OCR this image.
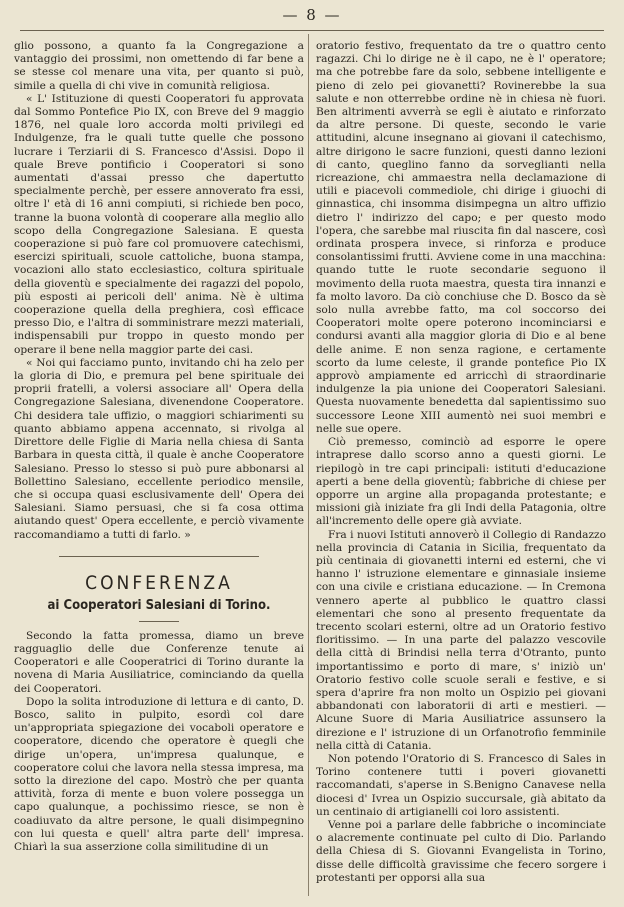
— 8 —

glio possono, a quanto fa la Congregazione a vantaggio dei prossimi, non omettendo di far bene a se stesse col menare una vita, per quanto si può, simile a quella di chi vive in comunità religiosa.

« L' Istituzione di questi Cooperatori fu approvata dal Sommo Pontefice Pio IX, con Breve del 9 maggio 1876, nel quale loro accorda molti privilegi ed Indulgenze, fra le quali tutte quelle che possono lucrare i Terziarii di S. Francesco d'Assisi. Dopo il quale Breve pontificio i Cooperatori si sono aumentati d'assai presso che dapertutto specialmente perchè, per essere annoverato fra essi, oltre l' età di 16 anni compiuti, si richiede ben poco, tranne la buona volontà di cooperare alla meglio allo scopo della Congregazione Salesiana. E questa cooperazione si può fare col promuovere catechismi, esercizi spirituali, scuole cattoliche, buona stampa, vocazioni allo stato ecclesiastico, coltura spirituale della gioventù e specialmente dei ragazzi del popolo, più esposti ai pericoli dell' anima. Nè è ultima cooperazione quella della preghiera, così efficace presso Dio, e l'altra di somministrare mezzi materiali, indispensabili pur troppo in questo mondo per operare il bene nella maggior parte dei casi.

« Noi qui facciamo punto, invitando chi ha zelo per la gloria di Dio, e premura pel bene spirituale dei proprii fratelli, a volersi associare all' Opera della Congregazione Salesiana, divenendone Cooperatore. Chi desidera tale uffizio, o maggiori schiarimenti su quanto abbiamo appena accennato, si rivolga al Direttore delle Figlie di Maria nella chiesa di Santa Barbara in questa città, il quale è anche Cooperatore Salesiano. Presso lo stesso si può pure abbonarsi al Bollettino Salesiano, eccellente periodico mensile, che si occupa quasi esclusivamente dell' Opera dei Salesiani. Siamo persuasi, che si fa cosa ottima aiutando quest' Opera eccellente, e perciò vivamente raccomandiamo a tutti di farlo. »

CONFERENZA
ai Cooperatori Salesiani di Torino.

Secondo la fatta promessa, diamo un breve ragguaglio delle due Conferenze tenute ai Cooperatori e alle Cooperatrici di Torino durante la novena di Maria Ausiliatrice, cominciando da quella dei Cooperatori.

Dopo la solita introduzione di lettura e di canto, D. Bosco, salito in pulpito, esordì col dare un'appropriata spiegazione dei vocaboli operatore e cooperatore, dicendo che operatore è quegli che dirige un'opera, un'impresa qualunque, e cooperatore colui che lavora nella stessa impresa, ma sotto la direzione del capo. Mostrò che per quanta attività, forza di mente e buon volere possegga un capo qualunque, a pochissimo riesce, se non è coadiuvato da altre persone, le quali disimpegnino con lui questa e quell' altra parte dell' impresa. Chiarì la sua asserzione colla similitudine di un

oratorio festivo, frequentato da tre o quattro cento ragazzi. Chi lo dirige ne è il capo, ne è l' operatore; ma che potrebbe fare da solo, sebbene intelligente e pieno di zelo pei giovanetti? Rovinerebbe la sua salute e non otterrebbe ordine nè in chiesa nè fuori. Ben altrimenti avverrà se egli è aiutato e rinforzato da altre persone. Di queste, secondo le varie attitudini, alcune insegnano ai giovani il catechismo, altre dirigono le sacre funzioni, questi danno lezioni di canto, queglino fanno da sorveglianti nella ricreazione, chi ammaestra nella declamazione di utili e piacevoli commediole, chi dirige i giuochi di ginnastica, chi insomma disimpegna un altro uffizio dietro l' indirizzo del capo; e per questo modo l'opera, che sarebbe mal riuscita fin dal nascere, così ordinata prospera invece, si rinforza e produce consolantissimi frutti. Avviene come in una macchina: quando tutte le ruote secondarie seguono il movimento della ruota maestra, questa tira innanzi e fa molto lavoro. Da ciò conchiuse che D. Bosco da sè solo nulla avrebbe fatto, ma col soccorso dei Cooperatori molte opere poterono incominciarsi e condursi avanti alla maggior gloria di Dio e al bene delle anime. E non senza ragione, e certamente scorto da lume celeste, il grande pontefice Pio IX approvò ampiamente ed arricchì di straordinarie indulgenze la pia unione dei Cooperatori Salesiani. Questa nuovamente benedetta dal sapientissimo suo successore Leone XIII aumentò nei suoi membri e nelle sue opere.

Ciò premesso, cominciò ad esporre le opere intraprese dallo scorso anno a questi giorni. Le riepilogò in tre capi principali: istituti d'educazione aperti a bene della gioventù; fabbriche di chiese per opporre un argine alla propaganda protestante; e missioni già iniziate fra gli Indi della Patagonia, oltre all'incremento delle opere già avviate.

Fra i nuovi Istituti annoverò il Collegio di Randazzo nella provincia di Catania in Sicilia, frequentato da più centinaia di giovanetti interni ed esterni, che vi hanno l' istruzione elementare e ginnasiale insieme con una civile e cristiana educazione. — In Cremona vennero aperte al pubblico le quattro classi elementari che sono al presento frequentate da trecento scolari esterni, oltre ad un Oratorio festivo floritissimo. — In una parte del palazzo vescovile della città di Brindisi nella terra d'Otranto, punto importantissimo e porto di mare, s' iniziò un' Oratorio festivo colle scuole serali e festive, e si spera d'aprire fra non molto un Ospizio pei giovani abbandonati con laboratorii di arti e mestieri. — Alcune Suore di Maria Ausiliatrice assunsero la direzione e l' istruzione di un Orfanotrofio femminile nella città di Catania.

Non potendo l'Oratorio di S. Francesco di Sales in Torino contenere tutti i poveri giovanetti raccomandati, s'aperse in S.Benigno Canavese nella diocesi d' Ivrea un Ospizio succursale, già abitato da un centinaio di artigianelli coi loro assistenti.

Venne poi a parlare delle fabbriche o incominciate o alacremente continuate pel culto di Dio. Parlando della Chiesa di S. Giovanni Evangelista in Torino, disse delle difficoltà gravissime che fecero sorgere i protestanti per opporsi alla sua
